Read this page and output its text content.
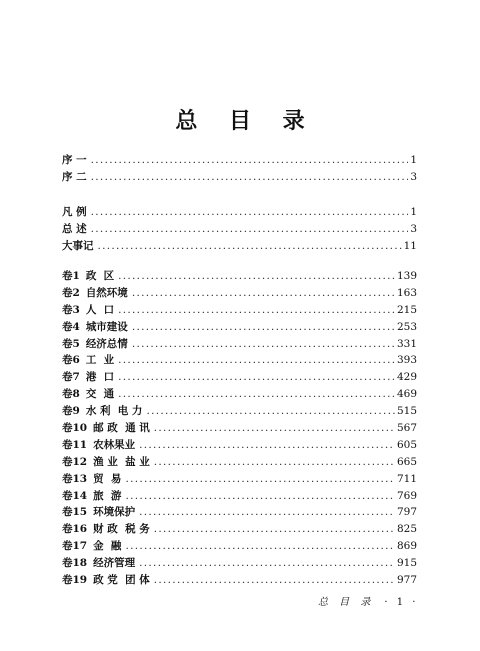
总 目 录
序 一 .....	1
序 二 .....	3
凡 例 .....	1
总 述 .....	3
大事记 .....	11
卷1 政  区 .....	139
卷2 自然环境 .....	163
卷3 人  口 .....	215
卷4 城市建设 .....	253
卷5 经济总情 .....	331
卷6 工  业 .....	393
卷7 港  口 .....	429
卷8 交  通 .....	469
卷9 水 利  电 力 .....	515
卷10 邮 政  通 讯 .....	567
卷11 农林果业 .....	605
卷12 渔 业  盐 业 .....	665
卷13 贸  易 .....	711
卷14 旅  游 .....	769
卷15 环境保护 .....	797
卷16 财 政  税 务 .....	825
卷17 金  融 .....	869
卷18 经济管理 .....	915
卷19 政 党  团 体 .....	977
总 目 录 · 1 ·
